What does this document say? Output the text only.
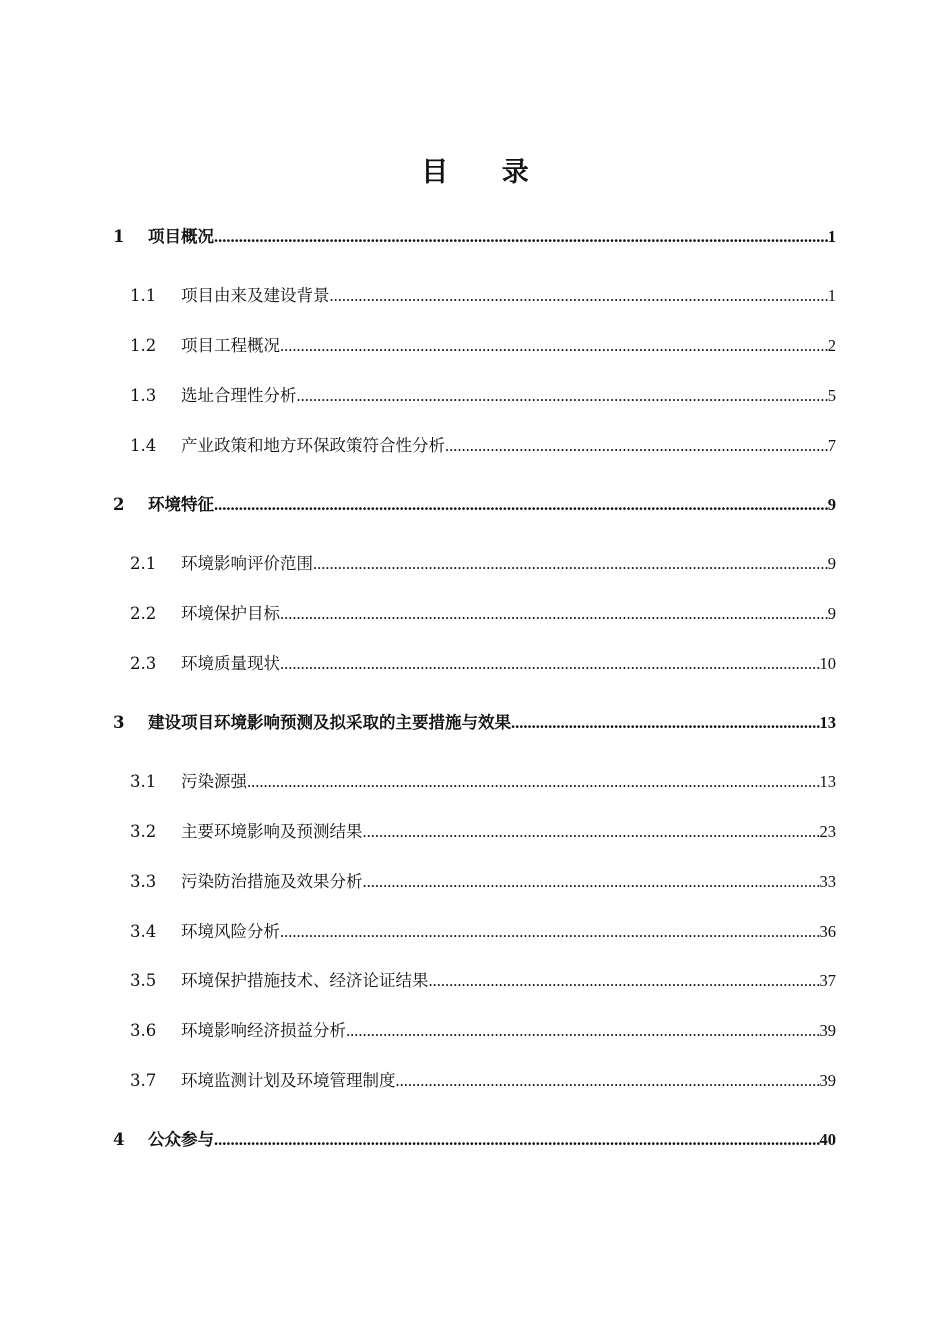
目 录
1	项目概况 .....	1
1.1	项目由来及建设背景 .....	1
1.2	项目工程概况 .....	2
1.3	选址合理性分析 .....	5
1.4	产业政策和地方环保政策符合性分析 .....	7
2	环境特征 .....	9
2.1	环境影响评价范围 .....	9
2.2	环境保护目标 .....	9
2.3	环境质量现状 .....	10
3	建设项目环境影响预测及拟采取的主要措施与效果 .....	13
3.1	污染源强 .....	13
3.2	主要环境影响及预测结果 .....	23
3.3	污染防治措施及效果分析 .....	33
3.4	环境风险分析 .....	36
3.5	环境保护措施技术、经济论证结果 .....	37
3.6	环境影响经济损益分析 .....	39
3.7	环境监测计划及环境管理制度 .....	39
4	公众参与 .....	40
